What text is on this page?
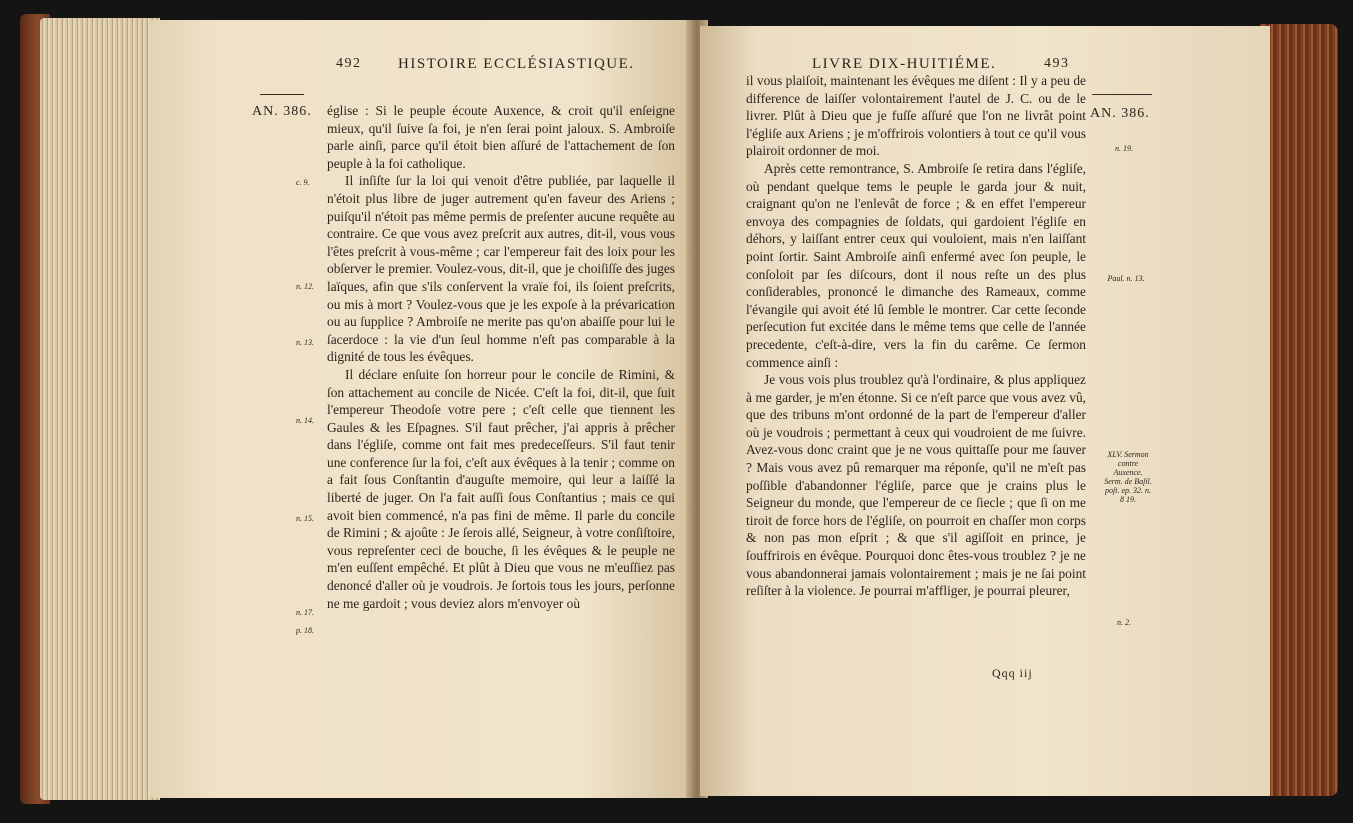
492 HISTOIRE ECCLÉSIASTIQUE.
AN. 386. église : Si le peuple écoute Auxence, & croit qu'il enſeigne mieux, qu'il ſuive ſa foi, je n'en ſerai point jaloux. S. Ambroiſe parle ainſi, parce qu'il étoit bien aſſuré de l'attachement de ſon peuple à la foi catholique.

Il inſiſte ſur la loi qui venoit d'être publiée, par laquelle il n'étoit plus libre de juger autrement qu'en faveur des Ariens ; puiſqu'il n'étoit pas même permis de preſenter aucune requête au contraire. Ce que vous avez preſcrit aux autres, dit-il, vous vous l'êtes preſcrit à vous-même ; car l'empereur fait des loix pour les obſerver le premier. Voulez-vous, dit-il, que je choiſiſſe des juges laïques, afin que s'ils conſervent la vraïe foi, ils ſoient preſcrits, ou mis à mort ? Voulez-vous que je les expoſe à la prévarication ou au ſupplice ? Ambroiſe ne merite pas qu'on abaiſſe pour lui le ſacerdoce : la vie d'un ſeul homme n'eſt pas comparable à la dignité de tous les évêques.

Il déclare enſuite ſon horreur pour le concile de Rimini, & ſon attachement au concile de Nicée. C'eſt la foi, dit-il, que ſuit l'empereur Theodoſe votre pere ; c'eſt celle que tiennent les Gaules & les Eſpagnes. S'il faut prêcher, j'ai appris à prêcher dans l'égliſe, comme ont fait mes predeceſſeurs. S'il faut tenir une conference ſur la foi, c'eſt aux évêques à la tenir ; comme on a fait ſous Conſtantin d'auguſte memoire, qui leur a laiſſé la liberté de juger. On l'a fait auſſi ſous Conſtantius ; mais ce qui avoit bien commencé, n'a pas fini de même. Il parle du concile de Rimini ; & ajoûte : Je ſerois allé, Seigneur, à votre conſiſtoire, vous repreſenter ceci de bouche, ſi les évêques & le peuple ne m'en euſſent empêché. Et plût à Dieu que vous ne m'euſſiez pas denoncé d'aller où je voudrois. Je ſortois tous les jours, perſonne ne me gardoit ; vous deviez alors m'envoyer où

c. 9.
n. 12.
n. 13.
n. 14.
n. 15.
n. 17.
p. 18.
LIVRE DIX-HUITIÉME.	493
AN. 386.

il vous plaiſoit, maintenant les évêques me diſent : Il y a peu de difference de laiſſer volontairement l'autel de J. C. ou de le livrer. Plût à Dieu que je fuſſe aſſuré que l'on ne livrât point l'égliſe aux Ariens ; je m'offrirois volontiers à tout ce qu'il vous plairoit ordonner de moi.

Après cette remontrance, S. Ambroiſe ſe retira dans l'égliſe, où pendant quelque tems le peuple le garda jour & nuit, craignant qu'on ne l'enlevât de force ; & en effet l'empereur envoya des compagnies de ſoldats, qui gardoient l'égliſe en déhors, y laiſſant entrer ceux qui vouloient, mais n'en laiſſant point ſortir. Saint Ambroiſe ainſi enfermé avec ſon peuple, le conſoloit par ſes diſcours, dont il nous reſte un des plus conſiderables, prononcé le dimanche des Rameaux, comme l'évangile qui avoit été lû ſemble le montrer. Car cette ſeconde perſecution fut excitée dans le même tems que celle de l'année precedente, c'eſt-à-dire, vers la fin du carême. Ce ſermon commence ainſi :

Je vous vois plus troublez qu'à l'ordinaire, & plus appliquez à me garder, je m'en étonne. Si ce n'eſt parce que vous avez vû, que des tribuns m'ont ordonné de la part de l'empereur d'aller où je voudrois ; permettant à ceux qui voudroient de me ſuivre. Avez-vous donc craint que je ne vous quittaſſe pour me ſauver ? Mais vous avez pû remarquer ma réponſe, qu'il ne m'eſt pas poſſible d'abandonner l'égliſe, parce que je crains plus le Seigneur du monde, que l'empereur de ce ſiecle ; que ſi on me tiroit de force hors de l'égliſe, on pourroit en chaſſer mon corps & non pas mon eſprit ; & que s'il agiſſoit en prince, je ſouffrirois en évêque. Pourquoi donc êtes-vous troublez ? je ne vous abandonnerai jamais volontairement ; mais je ne ſai point reſiſter à la violence. Je pourrai m'affliger, je pourrai pleurer,

n. 19.
Paul. n. 13.
XLV. Sermon contre Auxence. Serm. de Baſil. poſt. ep. 32. n. 8 19.
n. 2.
Qqq iij
